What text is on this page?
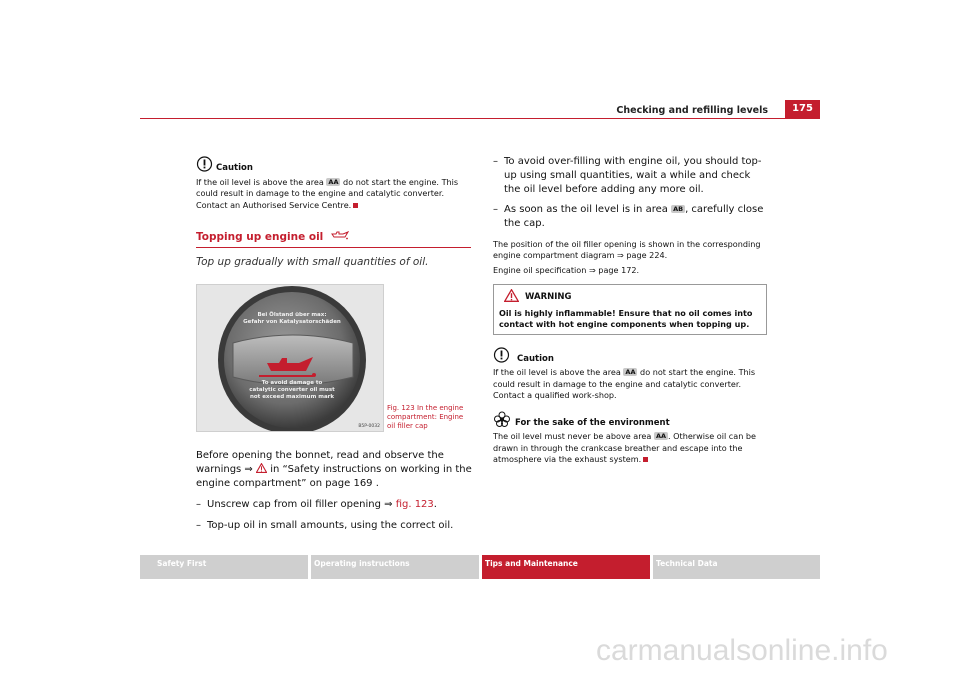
Checking and refilling levels	175
Caution

If the oil level is above the area AA do not start the engine. This could result in damage to the engine and catalytic converter. Contact an Authorised Service Centre.

Topping up engine oil

Top up gradually with small quantities of oil.

Bei Ölstand über max:
Gefahr von Katalysatorschäden
To avoid damage to
catalytic converter oil must
not exceed maximum mark
B5P-0032

Fig. 123 In the engine compartment: Engine oil filler cap

Before opening the bonnet, read and observe the warnings ⇒ in “Safety instructions on working in the engine compartment” on page 169 .

– Unscrew cap from oil filler opening ⇒ fig. 123.

– Top-up oil in small amounts, using the correct oil.

– To avoid over-filling with engine oil, you should top-up using small quantities, wait a while and check the oil level before adding any more oil.

– As soon as the oil level is in area AB , carefully close the cap.

The position of the oil filler opening is shown in the corresponding engine compartment diagram ⇒ page 224.

Engine oil specification ⇒ page 172.

WARNING

Oil is highly inflammable! Ensure that no oil comes into contact with hot engine components when topping up.

Caution

If the oil level is above the area AA do not start the engine. This could result in damage to the engine and catalytic converter. Contact a qualified work-shop.

For the sake of the environment

The oil level must never be above area AA . Otherwise oil can be drawn in through the crankcase breather and escape into the atmosphere via the exhaust system.

Safety First	Operating instructions	Tips and Maintenance	Technical Data
carmanualsonline.info
